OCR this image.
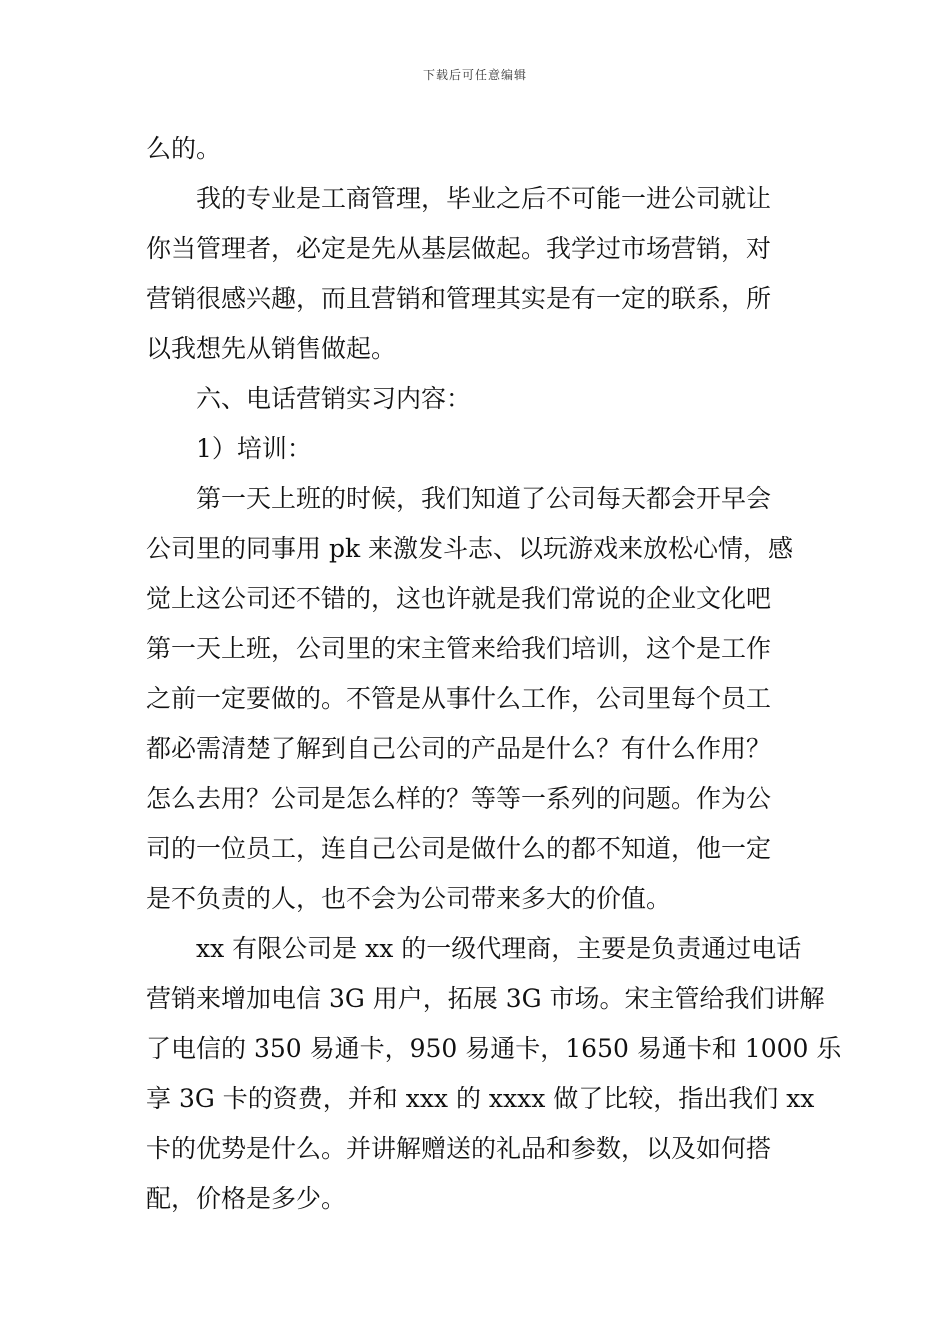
下载后可任意编辑
么的。
我的专业是工商管理，毕业之后不可能一进公司就让
你当管理者，必定是先从基层做起。我学过市场营销，对
营销很感兴趣，而且营销和管理其实是有一定的联系，所
以我想先从销售做起。
六、电话营销实习内容：
1）培训：
第一天上班的时候，我们知道了公司每天都会开早会
公司里的同事用 pk 来激发斗志、以玩游戏来放松心情，感
觉上这公司还不错的，这也许就是我们常说的企业文化吧
第一天上班，公司里的宋主管来给我们培训，这个是工作
之前一定要做的。不管是从事什么工作，公司里每个员工
都必需清楚了解到自己公司的产品是什么？有什么作用？
怎么去用？公司是怎么样的？等等一系列的问题。作为公
司的一位员工，连自己公司是做什么的都不知道，他一定
是不负责的人，也不会为公司带来多大的价值。
xx 有限公司是 xx 的一级代理商，主要是负责通过电话
营销来增加电信 3G 用户，拓展 3G 市场。宋主管给我们讲解
了电信的 350 易通卡，950 易通卡，1650 易通卡和 1000 乐
享 3G 卡的资费，并和 xxx 的 xxxx 做了比较，指出我们 xx
卡的优势是什么。并讲解赠送的礼品和参数，以及如何搭
配，价格是多少。
